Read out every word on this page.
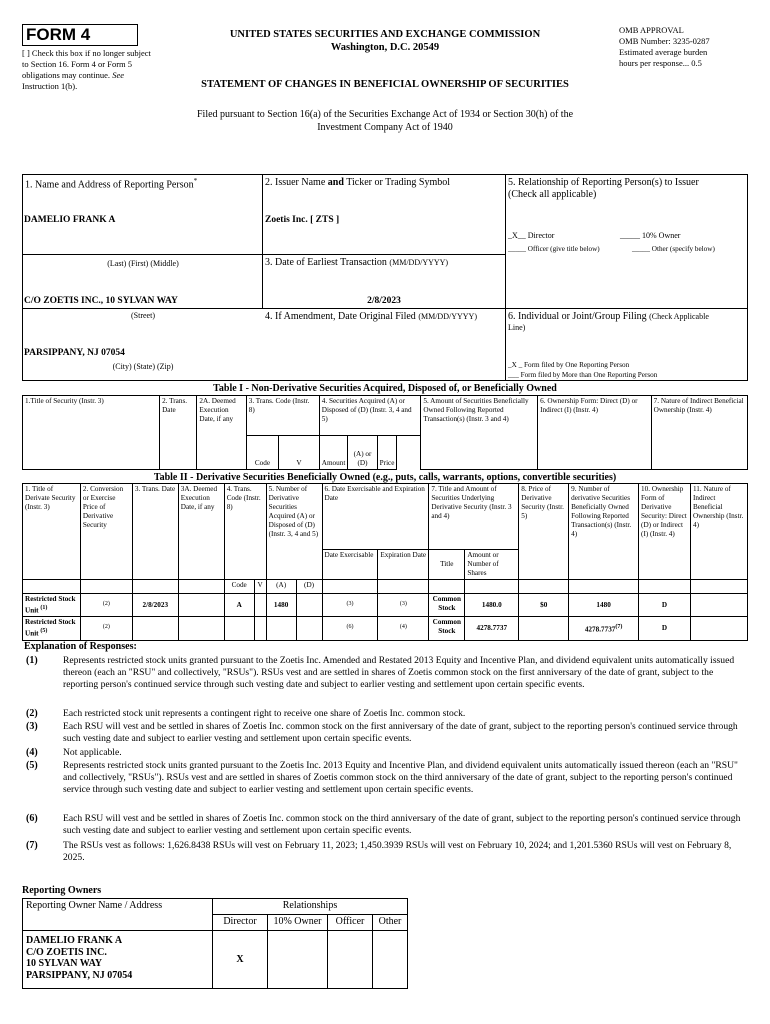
FORM 4
[ ] Check this box if no longer subject to Section 16. Form 4 or Form 5 obligations may continue. See Instruction 1(b).
UNITED STATES SECURITIES AND EXCHANGE COMMISSION
Washington, D.C. 20549
OMB APPROVAL
OMB Number: 3235-0287
Estimated average burden
hours per response... 0.5
STATEMENT OF CHANGES IN BENEFICIAL OWNERSHIP OF SECURITIES
Filed pursuant to Section 16(a) of the Securities Exchange Act of 1934 or Section 30(h) of the
Investment Company Act of 1940
1. Name and Address of Reporting Person*
DAMELIO FRANK A
(Last) (First) (Middle)
C/O ZOETIS INC., 10 SYLVAN WAY
(Street)
PARSIPPANY, NJ 07054
(City) (State) (Zip)
2. Issuer Name and Ticker or Trading Symbol
Zoetis Inc. [ ZTS ]
3. Date of Earliest Transaction (MM/DD/YYYY)
2/8/2023
4. If Amendment, Date Original Filed (MM/DD/YYYY)
5. Relationship of Reporting Person(s) to Issuer
(Check all applicable)
_X__ Director	_____ 10% Owner
_____ Officer (give title below)	_____ Other (specify below)
6. Individual or Joint/Group Filing (Check Applicable
Line)
_X _ Form filed by One Reporting Person
___ Form filed by More than One Reporting Person
Table I - Non-Derivative Securities Acquired, Disposed of, or Beneficially Owned
1.Title of Security (Instr. 3)	2. Trans. Date	2A. Deemed Execution Date, if any	3. Trans. Code (Instr. 8)		4. Securities Acquired (A) or Disposed of (D) (Instr. 3, 4 and 5)			5. Amount of Securities Beneficially Owned Following Reported Transaction(s) (Instr. 3 and 4)	6. Ownership Form: Direct (D) or Indirect (I) (Instr. 4)	7. Nature of Indirect Beneficial Ownership (Instr. 4)
			Code	V	Amount	(A) or (D)	Price			
Table II - Derivative Securities Beneficially Owned (e.g., puts, calls, warrants, options, convertible securities)
1. Title of Derivate Security (Instr. 3)	2. Conversion or Exercise Price of Derivative Security	3. Trans. Date	3A. Deemed Execution Date, if any	4. Trans. Code (Instr. 8)		5. Number of Derivative Securities Acquired (A) or Disposed of (D) (Instr. 3, 4 and 5)		6. Date Exercisable and Expiration Date		7. Title and Amount of Securities Underlying Derivative Security (Instr. 3 and 4)		8. Price of Derivative Security (Instr. 5)	9. Number of derivative Securities Beneficially Owned Following Reported Transaction(s) (Instr. 4)	10. Ownership Form of Derivative Security: Direct (D) or Indirect (I) (Instr. 4)	11. Nature of Indirect Beneficial Ownership (Instr. 4)
								Date Exercisable	Expiration Date	Title	Amount or Number of Shares				
				Code	V	(A)	(D)								
Restricted Stock Unit $^{(1)}$	$^{(2)}$	2/8/2023		A		1480		$^{(3)}$	$^{(3)}$	Common Stock	1480.0	$0	1480	D	
Restricted Stock Unit $^{(5)}$	$^{(2)}$							$^{(6)}$	$^{(4)}$	Common Stock	4278.7737		4278.7737$^{(7)}$	D	
Explanation of Responses:
(1)	Represents restricted stock units granted pursuant to the Zoetis Inc. Amended and Restated 2013 Equity and Incentive Plan, and dividend equivalent units automatically issued thereon (each an "RSU" and collectively, "RSUs"). RSUs vest and are settled in shares of Zoetis common stock on the first anniversary of the date of grant, subject to the reporting person's continued service through such vesting date and subject to earlier vesting and settlement upon certain specific events.
(2)	Each restricted stock unit represents a contingent right to receive one share of Zoetis Inc. common stock.
(3)	Each RSU will vest and be settled in shares of Zoetis Inc. common stock on the first anniversary of the date of grant, subject to the reporting person's continued service through such vesting date and subject to earlier vesting and settlement upon certain specific events.
(4)	Not applicable.
(5)	Represents restricted stock units granted pursuant to the Zoetis Inc. 2013 Equity and Incentive Plan, and dividend equivalent units automatically issued thereon (each an "RSU" and collectively, "RSUs"). RSUs vest and are settled in shares of Zoetis common stock on the third anniversary of the date of grant, subject to the reporting person's continued service through such vesting date and subject to earlier vesting and settlement upon certain specific events.
(6)	Each RSU will vest and be settled in shares of Zoetis Inc. common stock on the third anniversary of the date of grant, subject to the reporting person's continued service through such vesting date and subject to earlier vesting and settlement upon certain specific events.
(7)	The RSUs vest as follows: 1,626.8438 RSUs will vest on February 11, 2023; 1,450.3939 RSUs will vest on February 10, 2024; and 1,201.5360 RSUs will vest on February 8, 2025.
Reporting Owners
Reporting Owner Name / Address	Relationships			
	Director	10% Owner	Officer	Other

DAMELIO FRANK A
C/O ZOETIS INC.
10 SYLVAN WAY
PARSIPPANY, NJ 07054	X			
